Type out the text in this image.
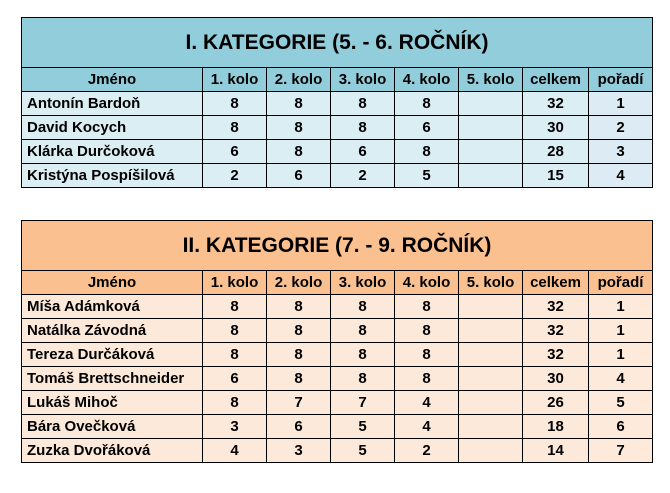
I. KATEGORIE (5. - 6. ROČNÍK)							
Jméno	1. kolo	2. kolo	3. kolo	4. kolo	5. kolo	celkem	pořadí
Antonín Bardoň	8	8	8	8		32	1
David Kocych	8	8	8	6		30	2
Klárka Durčoková	6	8	6	8		28	3
Kristýna Pospíšilová	2	6	2	5		15	4
II. KATEGORIE (7. - 9. ROČNÍK)							
Jméno	1. kolo	2. kolo	3. kolo	4. kolo	5. kolo	celkem	pořadí
Míša Adámková	8	8	8	8		32	1
Natálka Závodná	8	8	8	8		32	1
Tereza Durčáková	8	8	8	8		32	1
Tomáš Brettschneider	6	8	8	8		30	4
Lukáš Mihoč	8	7	7	4		26	5
Bára Ovečková	3	6	5	4		18	6
Zuzka Dvořáková	4	3	5	2		14	7
